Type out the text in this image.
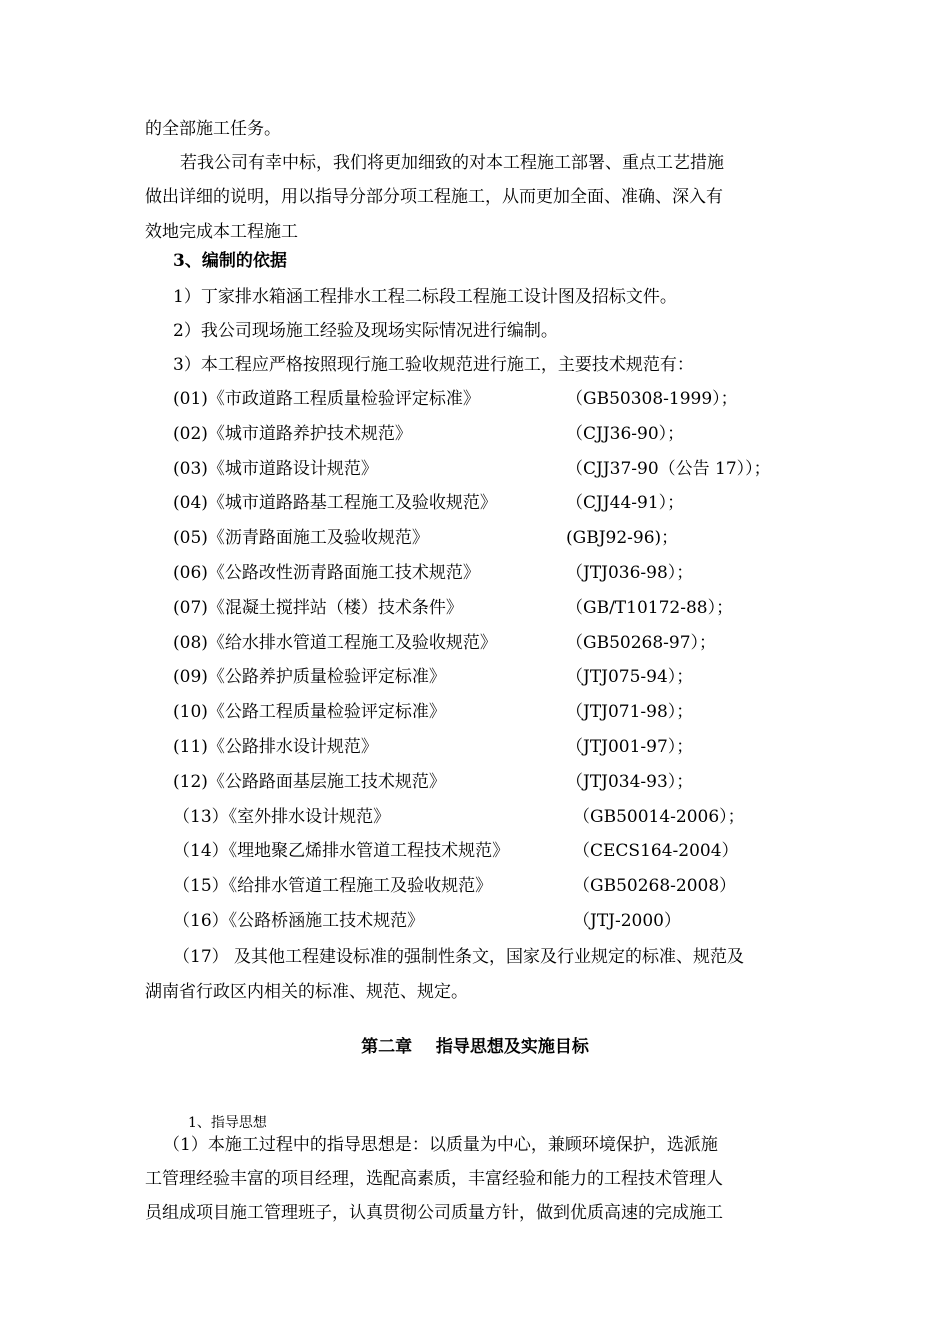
的全部施工任务。
若我公司有幸中标，我们将更加细致的对本工程施工部署、重点工艺措施
做出详细的说明，用以指导分部分项工程施工，从而更加全面、准确、深入有
效地完成本工程施工
3、编制的依据
1）丁家排水箱涵工程排水工程二标段工程施工设计图及招标文件。
2）我公司现场施工经验及现场实际情况进行编制。
3）本工程应严格按照现行施工验收规范进行施工，主要技术规范有：
(01)《市政道路工程质量检验评定标准》	（GB50308-1999）；
(02)《城市道路养护技术规范》	（CJJ36-90）；
(03)《城市道路设计规范》	（CJJ37-90（公告 17））；
(04)《城市道路路基工程施工及验收规范》	（CJJ44-91）；
(05)《沥青路面施工及验收规范》	(GBJ92-96)；
(06)《公路改性沥青路面施工技术规范》	（JTJ036-98）；
(07)《混凝土搅拌站（楼）技术条件》	（GB/T10172-88）；
(08)《给水排水管道工程施工及验收规范》	（GB50268-97）；
(09)《公路养护质量检验评定标准》	（JTJ075-94）；
(10)《公路工程质量检验评定标准》	（JTJ071-98）；
(11)《公路排水设计规范》	（JTJ001-97）；
(12)《公路路面基层施工技术规范》	（JTJ034-93）；
（13）《室外排水设计规范》	（GB50014-2006）；
（14）《埋地聚乙烯排水管道工程技术规范》	（CECS164-2004）
（15）《给排水管道工程施工及验收规范》	（GB50268-2008）
（16）《公路桥涵施工技术规范》	（JTJ-2000）
（17） 及其他工程建设标准的强制性条文，国家及行业规定的标准、规范及
湖南省行政区内相关的标准、规范、规定。
第二章    指导思想及实施目标
1、指导思想
（1）本施工过程中的指导思想是：以质量为中心，兼顾环境保护，选派施
工管理经验丰富的项目经理，选配高素质，丰富经验和能力的工程技术管理人
员组成项目施工管理班子，认真贯彻公司质量方针，做到优质高速的完成施工
